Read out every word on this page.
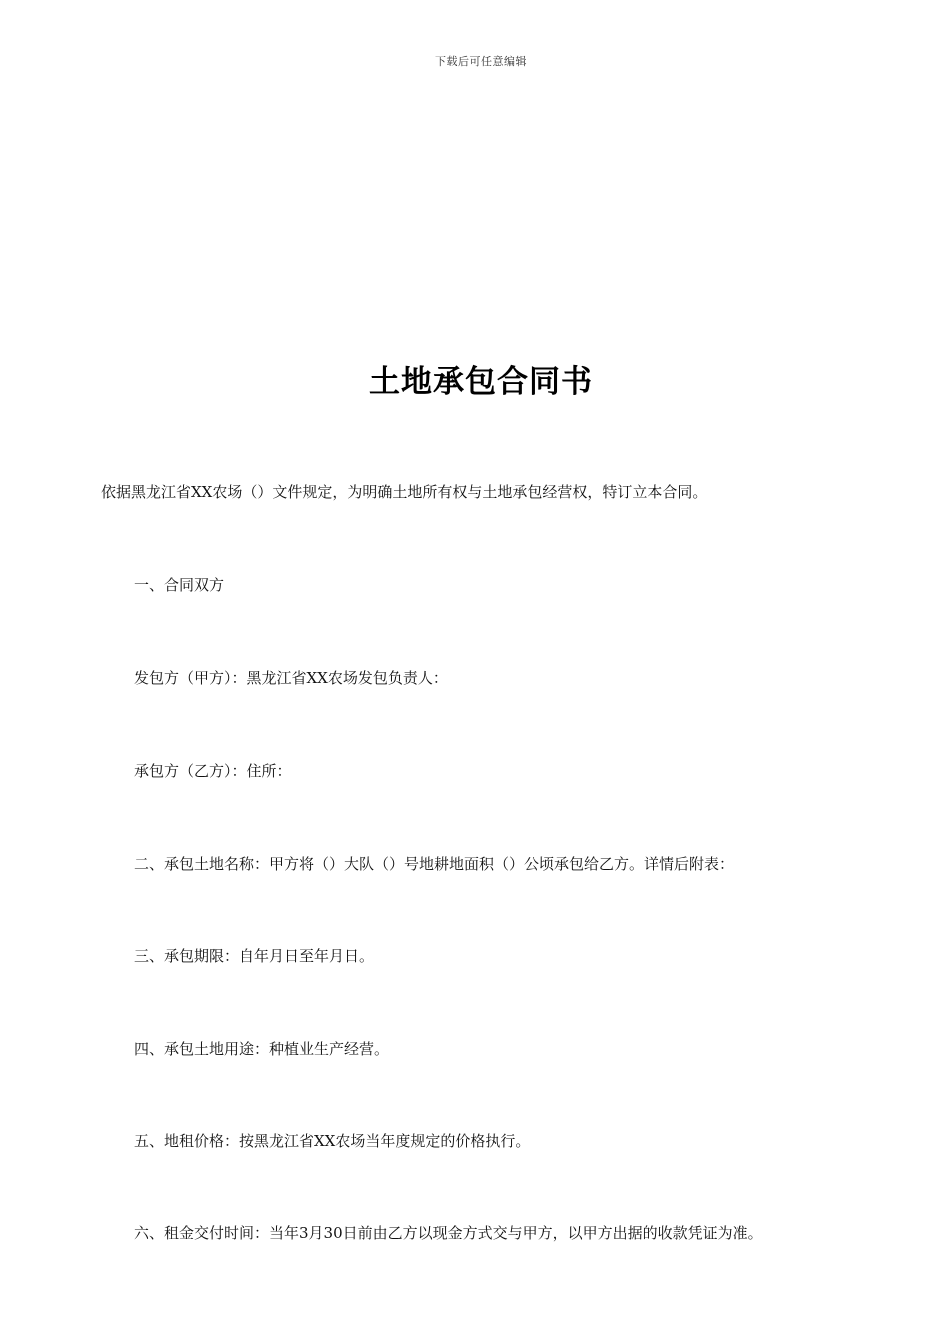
下载后可任意编辑
土地承包合同书

依据黑龙江省XX农场（）文件规定，为明确土地所有权与土地承包经营权，特订立本合同。

一、合同双方

发包方（甲方）：黑龙江省XX农场发包负责人：

承包方（乙方）：住所：

二、承包土地名称：甲方将（）大队（）号地耕地面积（）公顷承包给乙方。详情后附表：

三、承包期限：自年月日至年月日。

四、承包土地用途：种植业生产经营。

五、地租价格：按黑龙江省XX农场当年度规定的价格执行。

六、租金交付时间：当年3月30日前由乙方以现金方式交与甲方，以甲方出据的收款凭证为准。
